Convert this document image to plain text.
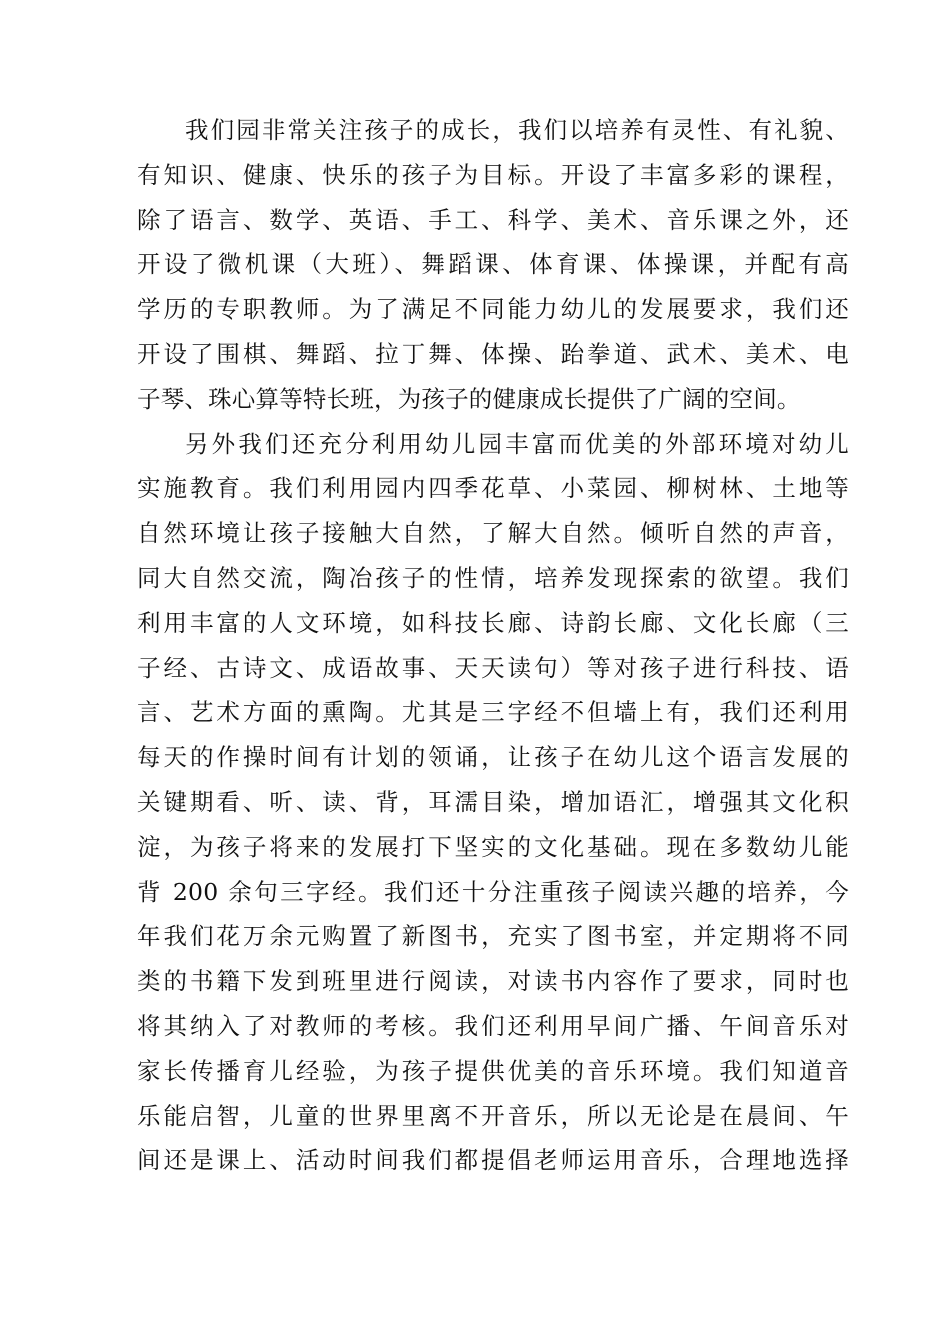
我们园非常关注孩子的成长，我们以培养有灵性、有礼貌、
有知识、健康、快乐的孩子为目标。开设了丰富多彩的课程，
除了语言、数学、英语、手工、科学、美术、音乐课之外，还
开设了微机课（大班）、舞蹈课、体育课、体操课，并配有高
学历的专职教师。为了满足不同能力幼儿的发展要求，我们还
开设了围棋、舞蹈、拉丁舞、体操、跆拳道、武术、美术、电
子琴、珠心算等特长班，为孩子的健康成长提供了广阔的空间。
另外我们还充分利用幼儿园丰富而优美的外部环境对幼儿
实施教育。我们利用园内四季花草、小菜园、柳树林、土地等
自然环境让孩子接触大自然，了解大自然。倾听自然的声音，
同大自然交流，陶冶孩子的性情，培养发现探索的欲望。我们
利用丰富的人文环境，如科技长廊、诗韵长廊、文化长廊（三
子经、古诗文、成语故事、天天读句）等对孩子进行科技、语
言、艺术方面的熏陶。尤其是三字经不但墙上有，我们还利用
每天的作操时间有计划的领诵，让孩子在幼儿这个语言发展的
关键期看、听、读、背，耳濡目染，增加语汇，增强其文化积
淀，为孩子将来的发展打下坚实的文化基础。现在多数幼儿能
背 200 余句三字经。我们还十分注重孩子阅读兴趣的培养，今
年我们花万余元购置了新图书，充实了图书室，并定期将不同
类的书籍下发到班里进行阅读，对读书内容作了要求，同时也
将其纳入了对教师的考核。我们还利用早间广播、午间音乐对
家长传播育儿经验，为孩子提供优美的音乐环境。我们知道音
乐能启智，儿童的世界里离不开音乐，所以无论是在晨间、午
间还是课上、活动时间我们都提倡老师运用音乐，合理地选择
